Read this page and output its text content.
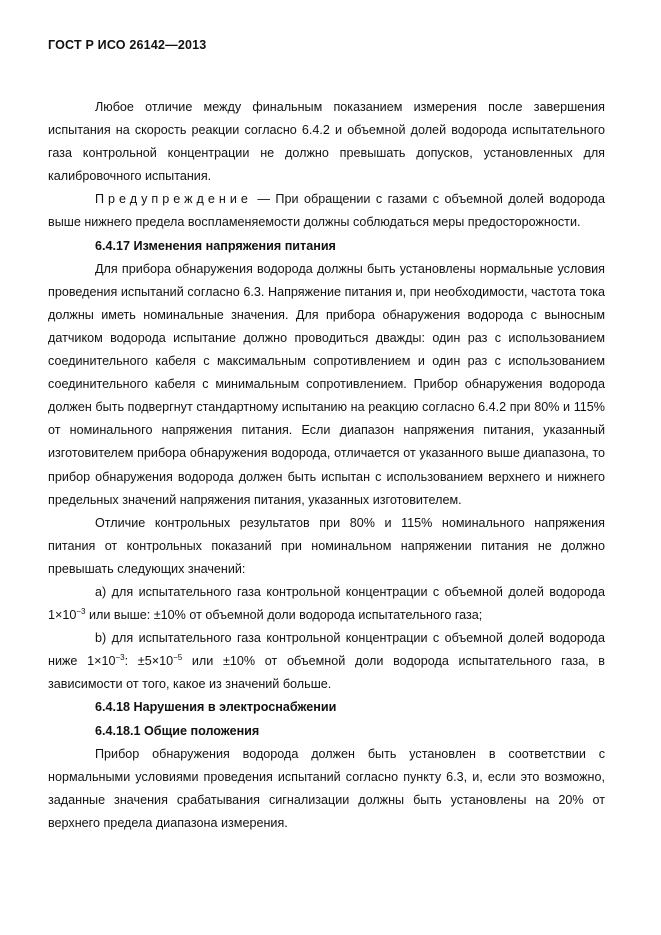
ГОСТ Р ИСО 26142—2013

Любое отличие между финальным показанием измерения после завершения испытания на скорость реакции согласно 6.4.2 и объемной долей водорода испытательного газа контрольной концентрации не должно превышать допусков, установленных для калибровочного испытания.

Предупреждение — При обращении с газами с объемной долей водорода выше нижнего предела воспламеняемости должны соблюдаться меры предосторожности.

6.4.17 Изменения напряжения питания

Для прибора обнаружения водорода должны быть установлены нормальные условия проведения испытаний согласно 6.3. Напряжение питания и, при необходимости, частота тока должны иметь номинальные значения. Для прибора обнаружения водорода с выносным датчиком водорода испытание должно проводиться дважды: один раз с использованием соединительного кабеля с максимальным сопротивлением и один раз с использованием соединительного кабеля с минимальным сопротивлением. Прибор обнаружения водорода должен быть подвергнут стандартному испытанию на реакцию согласно 6.4.2 при 80% и 115% от номинального напряжения питания. Если диапазон напряжения питания, указанный изготовителем прибора обнаружения водорода, отличается от указанного выше диапазона, то прибор обнаружения водорода должен быть испытан с использованием верхнего и нижнего предельных значений напряжения питания, указанных изготовителем.

Отличие контрольных результатов при 80% и 115% номинального напряжения питания от контрольных показаний при номинальном напряжении питания не должно превышать следующих значений:

а) для испытательного газа контрольной концентрации с объемной долей водорода $1\times 10^{-3}$ или выше: ±10% от объемной доли водорода испытательного газа;

b) для испытательного газа контрольной концентрации с объемной долей водорода ниже $1\times 10^{-3}$: $\pm 5\times 10^{-5}$ или ±10% от объемной доли водорода испытательного газа, в зависимости от того, какое из значений больше.

6.4.18 Нарушения в электроснабжении

6.4.18.1 Общие положения

Прибор обнаружения водорода должен быть установлен в соответствии с нормальными условиями проведения испытаний согласно пункту 6.3, и, если это возможно, заданные значения срабатывания сигнализации должны быть установлены на 20% от верхнего предела диапазона измерения.
